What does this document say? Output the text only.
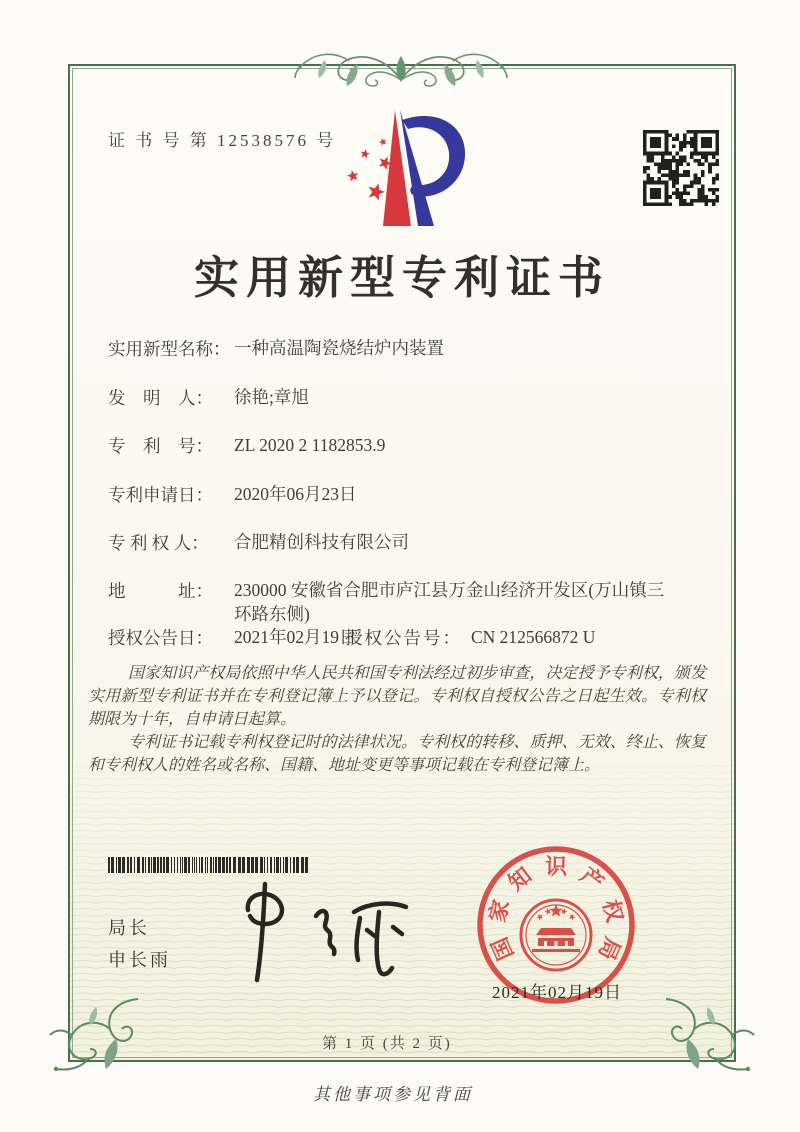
证 书 号 第 12538576 号
实用新型专利证书
实用新型名称： 一种高温陶瓷烧结炉内装置
发　明　人：	徐艳;章旭
专　利　号：	ZL 2020 2 1182853.9
专利申请日：	2020年06月23日
专 利 权 人：	合肥精创科技有限公司
地　　　址：	230000 安徽省合肥市庐江县万金山经济开发区(万山镇三环路东侧)
授权公告日：	2021年02月19日
授权公告号： CN 212566872 U

国家知识产权局依照中华人民共和国专利法经过初步审查，决定授予专利权，颁发实用新型专利证书并在专利登记簿上予以登记。专利权自授权公告之日起生效。专利权期限为十年，自申请日起算。

专利证书记载专利权登记时的法律状况。专利权的转移、质押、无效、终止、恢复和专利权人的姓名或名称、国籍、地址变更等事项记载在专利登记簿上。

局长
申长雨	国
家
知 识 产
权
局
2021年02月19日
第 1 页 (共 2 页)
其他事项参见背面
